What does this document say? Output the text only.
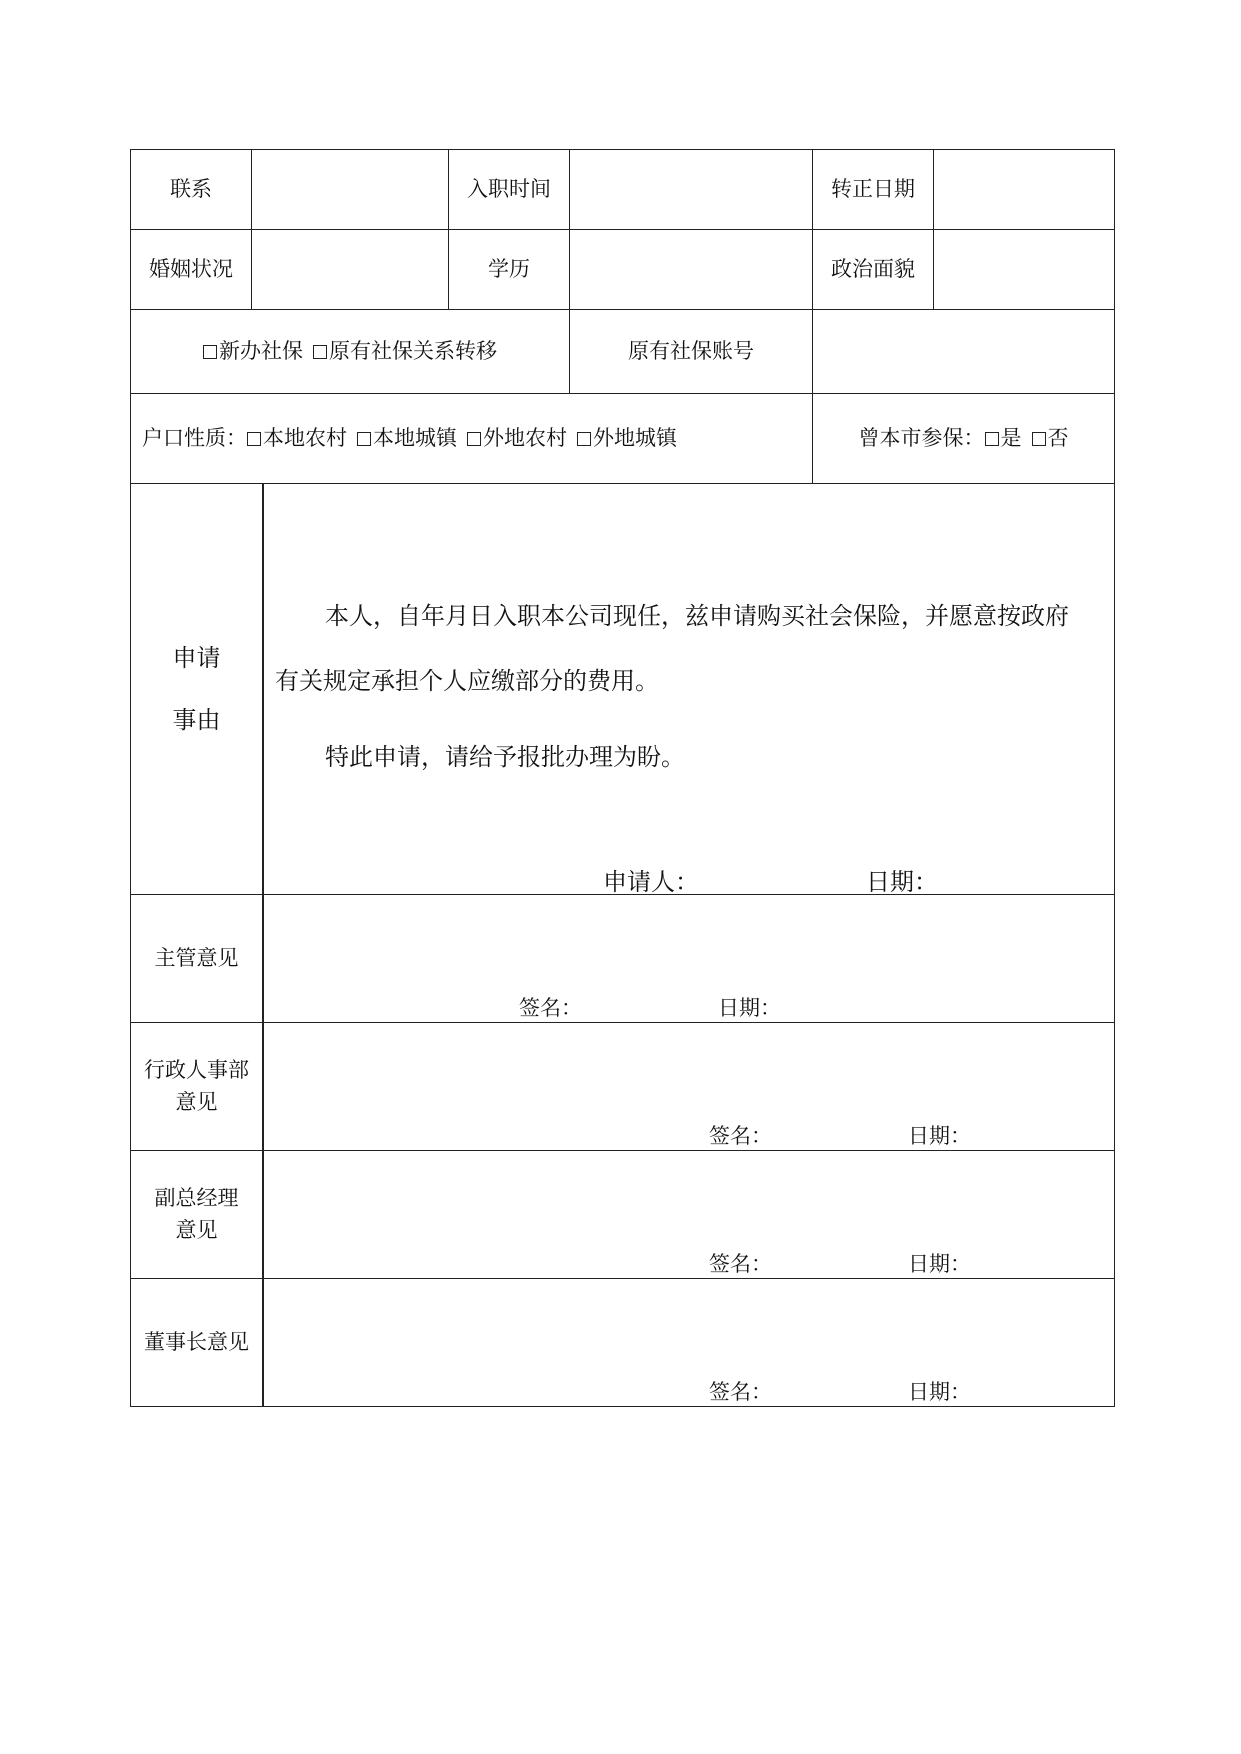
联系	入职时间	转正日期
婚姻状况	学历	政治面貌
新办社保 原有社保关系转移	原有社保账号
户口性质： 本地农村 本地城镇 外地农村 外地城镇	曾本市参保： 是 否
申请
事由
本人，自年月日入职本公司现任，兹申请购买社会保险，并愿意按政府
有关规定承担个人应缴部分的费用。
特此申请，请给予报批办理为盼。
申请人：	日期：
主管意见
签名：	日期：
行政人事部
意见
签名：	日期：
副总经理
意见
签名：	日期：
董事长意见
签名：	日期：
